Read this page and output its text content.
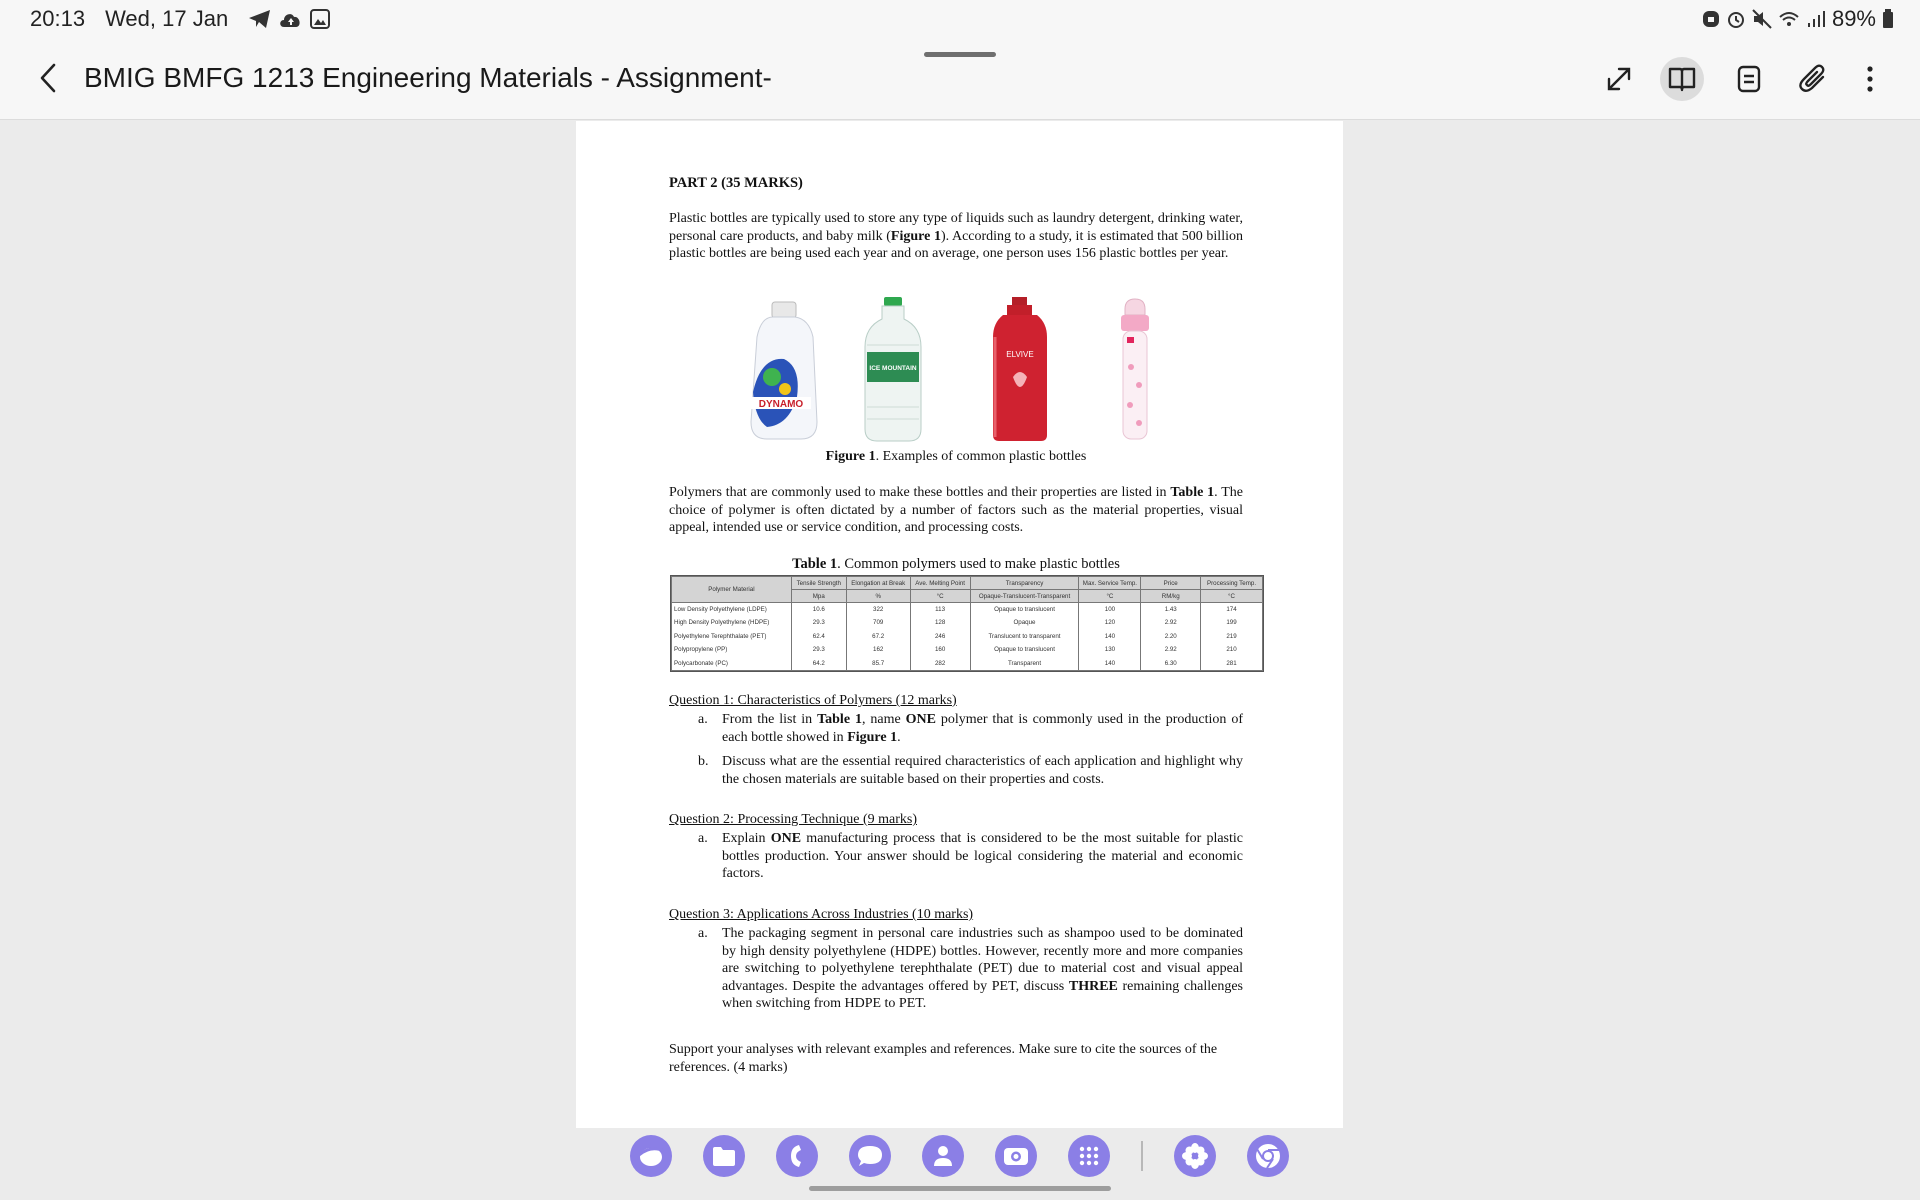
20:13 Wed, 17 Jan	89%
BMIG BMFG 1213 Engineering Materials - Assignment-
PART 2 (35 MARKS)
Plastic bottles are typically used to store any type of liquids such as laundry detergent, drinking water, personal care products, and baby milk (Figure 1). According to a study, it is estimated that 500 billion plastic bottles are being used each year and on average, one person uses 156 plastic bottles per year.
DYNAMO
ICE MOUNTAIN
ELVIVE
Figure 1. Examples of common plastic bottles
Polymers that are commonly used to make these bottles and their properties are listed in Table 1. The choice of polymer is often dictated by a number of factors such as the material properties, visual appeal, intended use or service condition, and processing costs.
Table 1. Common polymers used to make plastic bottles
Polymer Material	Tensile Strength	Elongation at Break	Ave. Melting Point	Transparency	Max. Service Temp.	Price	Processing Temp.
	Mpa	%	°C	Opaque-Translucent-Transparent	°C	RM/kg	°C
Low Density Polyethylene (LDPE)	10.6	322	113	Opaque to translucent	100	1.43	174
High Density Polyethylene (HDPE)	29.3	709	128	Opaque	120	2.92	199
Polyethylene Terephthalate (PET)	62.4	67.2	246	Translucent to transparent	140	2.20	219
Polypropylene (PP)	29.3	162	160	Opaque to translucent	130	2.92	210
Polycarbonate (PC)	64.2	85.7	282	Transparent	140	6.30	281
Question 1: Characteristics of Polymers (12 marks)
a. From the list in Table 1, name ONE polymer that is commonly used in the production of each bottle showed in Figure 1.
b. Discuss what are the essential required characteristics of each application and highlight why the chosen materials are suitable based on their properties and costs.
Question 2: Processing Technique (9 marks)
a. Explain ONE manufacturing process that is considered to be the most suitable for plastic bottles production. Your answer should be logical considering the material and economic factors.
Question 3: Applications Across Industries (10 marks)
a. The packaging segment in personal care industries such as shampoo used to be dominated by high density polyethylene (HDPE) bottles. However, recently more and more companies are switching to polyethylene terephthalate (PET) due to material cost and visual appeal advantages. Despite the advantages offered by PET, discuss THREE remaining challenges when switching from HDPE to PET.
Support your analyses with relevant examples and references. Make sure to cite the sources of the references. (4 marks)
